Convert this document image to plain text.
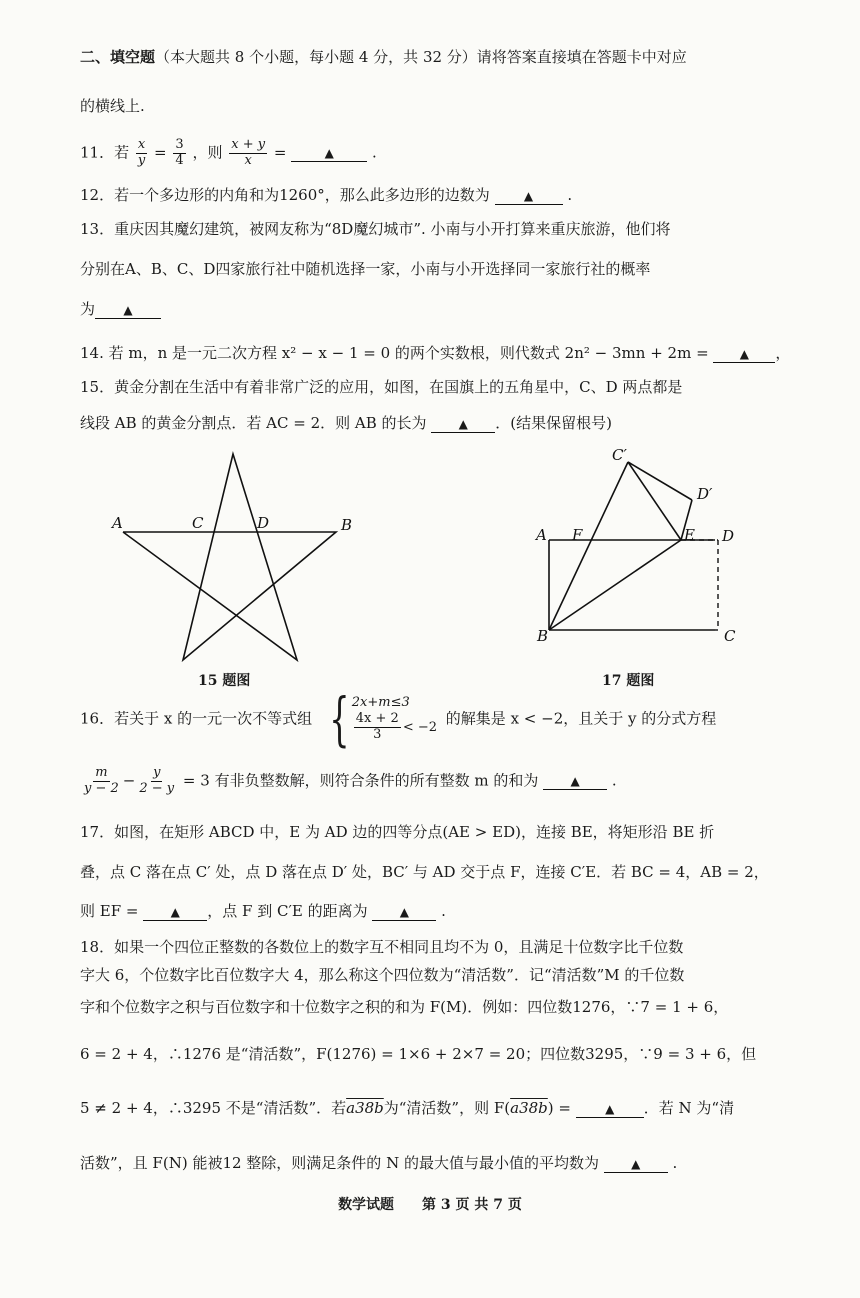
二、填空题（本大题共 8 个小题，每小题 4 分，共 32 分）请将答案直接填在答题卡中对应
的横线上.
11．若 $\frac{x}{y} = \frac{3}{4}$ ，则 $\frac{x + y}{x}$ =	▲	.
12．若一个多边形的内角和为1260°，那么此多边形的边数为	▲ .
13．重庆因其魔幻建筑，被网友称为“8D魔幻城市”. 小南与小开打算来重庆旅游，他们将
分别在A、B、C、D四家旅行社中随机选择一家，小南与小开选择同一家旅行社的概率
为 ▲
14. 若 m，n 是一元二次方程 x² − x − 1 = 0 的两个实数根，则代数式 2n² − 3mn + 2m =	▲ ，
15．黄金分割在生活中有着非常广泛的应用，如图，在国旗上的五角星中，C、D 两点都是
线段 AB 的黄金分割点．若 AC = 2．则 AB 的长为	▲ ．(结果保留根号)
A	C	D	B
C′
D′
A F	E D
B	C
15 题图	17 题图
16．若关于 x 的一元一次不等式组 { 2x+m≤3
$\frac{4x + 2}{3} < -2$ 的解集是 x < −2，且关于 y 的分式方程
$\frac{m}{y - 2} - \frac{y}{2 - y} = 3$ 有非负整数解，则符合条件的所有整数 m 的和为	▲ .
17．如图，在矩形 ABCD 中，E 为 AD 边的四等分点(AE > ED)，连接 BE，将矩形沿 BE 折
叠，点 C 落在点 C′ 处，点 D 落在点 D′ 处，BC′ 与 AD 交于点 F，连接 C′E．若 BC = 4，AB = 2，
则 EF =	▲ ，点 F 到 C′E 的距离为	▲ .
18．如果一个四位正整数的各数位上的数字互不相同且均不为 0，且满足十位数字比千位数
字大 6，个位数字比百位数字大 4，那么称这个四位数为“清活数”．记“清活数”M 的千位数
字和个位数字之积与百位数字和十位数字之积的和为 F(M)．例如：四位数1276，∵7 = 1 + 6，
6 = 2 + 4，∴1276 是“清活数”，F(1276) = 1×6 + 2×7 = 20；四位数3295，∵9 = 3 + 6，但
5 ≠ 2 + 4，∴3295 不是“清活数”．若a38b为“清活数”，则 F(a38b) =	▲ ．若 N 为“清
活数”，且 F(N) 能被12 整除，则满足条件的 N 的最大值与最小值的平均数为	▲ .
数学试题　　第 3 页 共 7 页
